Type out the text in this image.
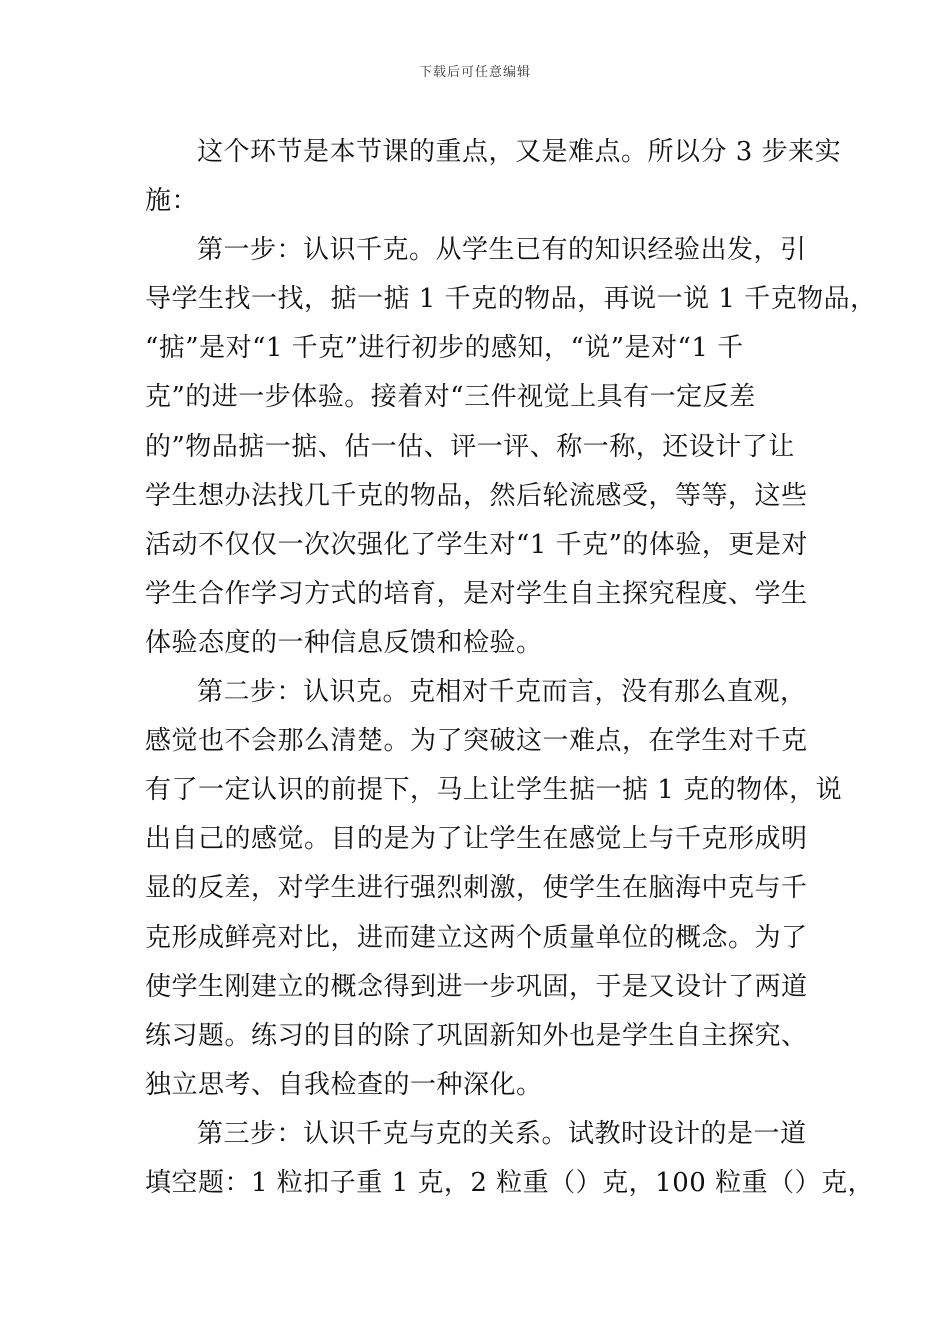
下载后可任意编辑
这个环节是本节课的重点，又是难点。所以分 3 步来实
施：
第一步：认识千克。从学生已有的知识经验出发，引
导学生找一找，掂一掂 1 千克的物品，再说一说 1 千克物品，
“掂”是对“1 千克”进行初步的感知，“说”是对“1 千
克”的进一步体验。接着对“三件视觉上具有一定反差
的”物品掂一掂、估一估、评一评、称一称，还设计了让
学生想办法找几千克的物品，然后轮流感受，等等，这些
活动不仅仅一次次强化了学生对“1 千克”的体验，更是对
学生合作学习方式的培育，是对学生自主探究程度、学生
体验态度的一种信息反馈和检验。
第二步：认识克。克相对千克而言，没有那么直观，
感觉也不会那么清楚。为了突破这一难点，在学生对千克
有了一定认识的前提下，马上让学生掂一掂 1 克的物体，说
出自己的感觉。目的是为了让学生在感觉上与千克形成明
显的反差，对学生进行强烈刺激，使学生在脑海中克与千
克形成鲜亮对比，进而建立这两个质量单位的概念。为了
使学生刚建立的概念得到进一步巩固，于是又设计了两道
练习题。练习的目的除了巩固新知外也是学生自主探究、
独立思考、自我检查的一种深化。
第三步：认识千克与克的关系。试教时设计的是一道
填空题：1 粒扣子重 1 克，2 粒重（）克，100 粒重（）克，
